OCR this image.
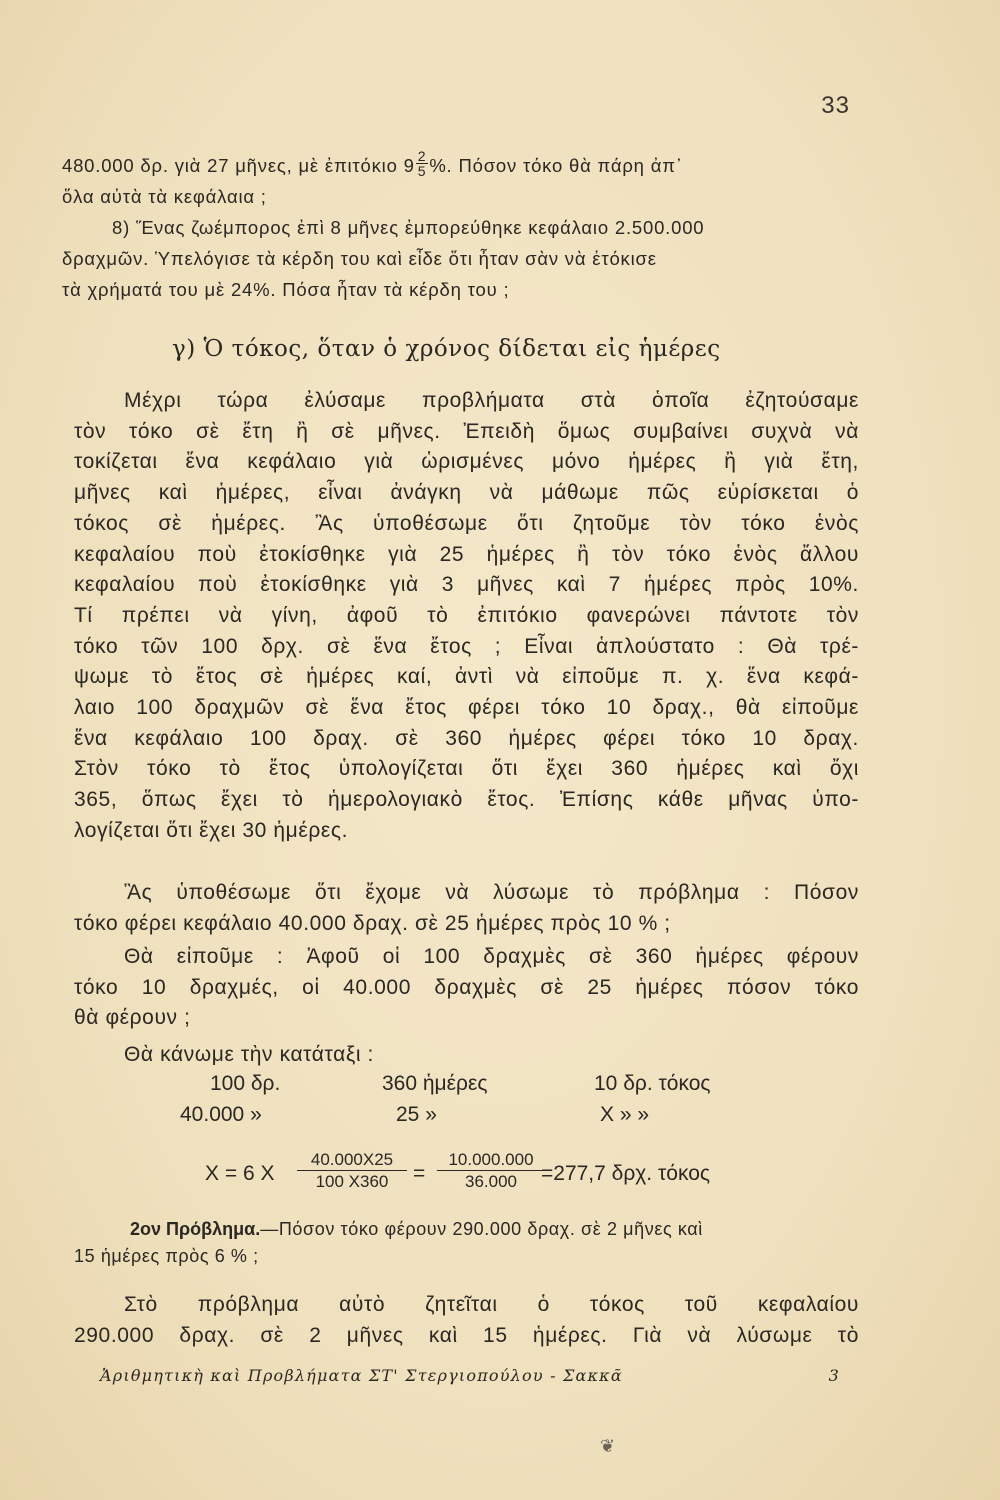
33
480.000 δρ. γιὰ 27 μῆνες, μὲ ἐπιτόκιο $9 \frac{2}{5}$ %. Πόσον τόκο θὰ πάρη ἀπ᾿
ὅλα αὐτὰ τὰ κεφάλαια ;
8) Ἕνας ζωέμπορος ἐπὶ 8 μῆνες ἐμπορεύθηκε κεφάλαιο 2.500.000
δραχμῶν. Ὑπελόγισε τὰ κέρδη του καὶ εἶδε ὅτι ἦταν σὰν νὰ ἐτόκισε
τὰ χρήματά του μὲ 24%. Πόσα ἦταν τὰ κέρδη του ;
γ) Ὁ τόκος, ὅταν ὁ χρόνος δίδεται εἰς ἡμέρες
Μέχρι τώρα ἐλύσαμε προβλήματα στὰ ὁποῖα ἐζητούσαμε
τὸν τόκο σὲ ἔτη ἢ σὲ μῆνες. Ἐπειδὴ ὅμως συμβαίνει συχνὰ νὰ
τοκίζεται ἕνα κεφάλαιο γιὰ ὡρισμένες μόνο ἡμέρες ἢ γιὰ ἔτη,
μῆνες καὶ ἡμέρες, εἶναι ἀνάγκη νὰ μάθωμε πῶς εὑρίσκεται ὁ
τόκος σὲ ἡμέρες. Ἂς ὑποθέσωμε ὅτι ζητοῦμε τὸν τόκο ἑνὸς
κεφαλαίου ποὺ ἐτοκίσθηκε γιὰ 25 ἡμέρες ἢ τὸν τόκο ἑνὸς ἄλλου
κεφαλαίου ποὺ ἐτοκίσθηκε γιὰ 3 μῆνες καὶ 7 ἡμέρες πρὸς 10%.
Τί πρέπει νὰ γίνη, ἀφοῦ τὸ ἐπιτόκιο φανερώνει πάντοτε τὸν
τόκο τῶν 100 δρχ. σὲ ἕνα ἔτος ; Εἶναι ἁπλούστατο : Θὰ τρέ-
ψωμε τὸ ἔτος σὲ ἡμέρες καί, ἀντὶ νὰ εἰποῦμε π. χ. ἕνα κεφά-
λαιο 100 δραχμῶν σὲ ἕνα ἔτος φέρει τόκο 10 δραχ., θὰ εἰποῦμε
ἕνα κεφάλαιο 100 δραχ. σὲ 360 ἡμέρες φέρει τόκο 10 δραχ.
Στὸν τόκο τὸ ἔτος ὑπολογίζεται ὅτι ἔχει 360 ἡμέρες καὶ ὄχι
365, ὅπως ἔχει τὸ ἡμερολογιακὸ ἔτος. Ἐπίσης κάθε μῆνας ὑπο-
λογίζεται ὅτι ἔχει 30 ἡμέρες.
Ἂς ὑποθέσωμε ὅτι ἔχομε νὰ λύσωμε τὸ πρόβλημα : Πόσον
τόκο φέρει κεφάλαιο 40.000 δραχ. σὲ 25 ἡμέρες πρὸς 10 % ;
Θὰ εἰποῦμε : Ἀφοῦ οἱ 100 δραχμὲς σὲ 360 ἡμέρες φέρουν
τόκο 10 δραχμές, οἱ 40.000 δραχμὲς σὲ 25 ἡμέρες πόσον τόκο
θὰ φέρουν ;
Θὰ κάνωμε τὴν κατάταξι :
100 δρ.	360 ἡμέρες	10 δρ. τόκος
40.000 »	25 »	Χ » »
Χ = 6 Χ
40.000Χ25
100 Χ360	=
10.000.000
36.000	=277,7 δρχ. τόκος
2ον Πρόβλημα.—Πόσον τόκο φέρουν 290.000 δραχ. σὲ 2 μῆνες καὶ
15 ἡμέρες πρὸς 6 % ;
Στὸ πρόβλημα αὐτὸ ζητεῖται ὁ τόκος τοῦ κεφαλαίου
290.000 δραχ. σὲ 2 μῆνες καὶ 15 ἡμέρες. Γιὰ νὰ λύσωμε τὸ
Ἀριθμητικὴ καὶ Προβλήματα ΣΤ' Στεργιοπούλου - Σακκᾶ	3
❦
